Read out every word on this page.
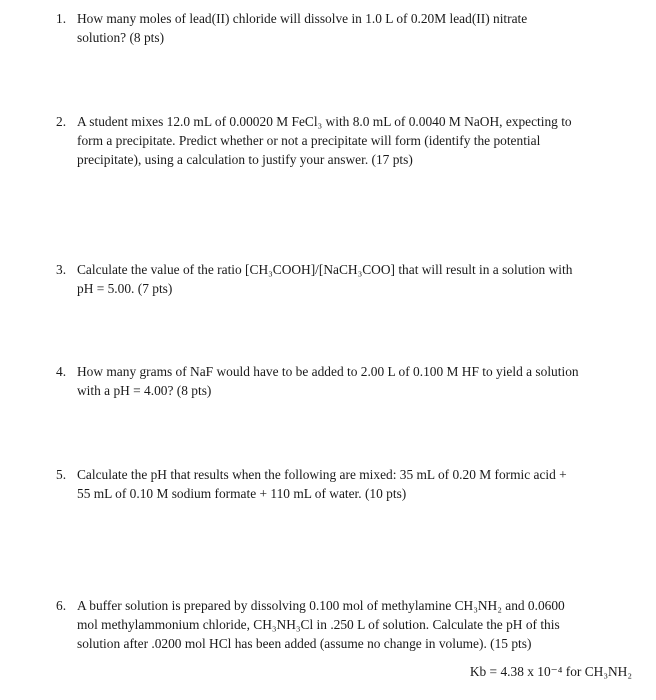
1. How many moles of lead(II) chloride will dissolve in 1.0 L of 0.20M lead(II) nitrate
solution? (8 pts)
2. A student mixes 12.0 mL of 0.00020 M FeCl₃ with 8.0 mL of 0.0040 M NaOH, expecting to
form a precipitate. Predict whether or not a precipitate will form (identify the potential
precipitate), using a calculation to justify your answer. (17 pts)
3. Calculate the value of the ratio [CH₃COOH]/[NaCH₃COO] that will result in a solution with
pH = 5.00. (7 pts)
4. How many grams of NaF would have to be added to 2.00 L of 0.100 M HF to yield a solution
with a pH = 4.00? (8 pts)
5. Calculate the pH that results when the following are mixed: 35 mL of 0.20 M formic acid +
55 mL of 0.10 M sodium formate + 110 mL of water. (10 pts)
6. A buffer solution is prepared by dissolving 0.100 mol of methylamine CH₃NH₂ and 0.0600
mol methylammonium chloride, CH₃NH₃Cl in .250 L of solution. Calculate the pH of this
solution after .0200 mol HCl has been added (assume no change in volume). (15 pts)
Kb = 4.38 x 10⁻⁴ for CH₃NH₂
